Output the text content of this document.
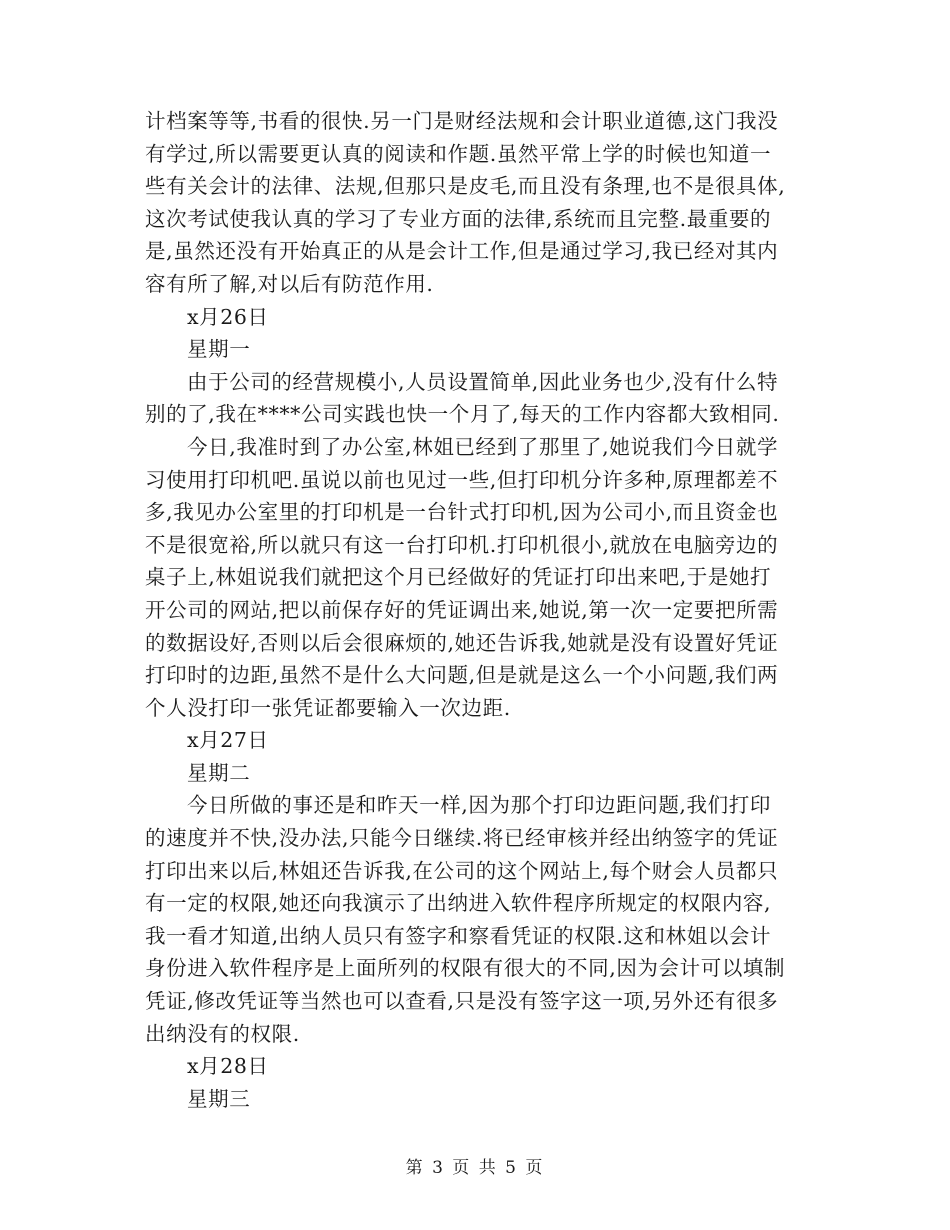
计档案等等,书看的很快.另一门是财经法规和会计职业道德,这门我没
有学过,所以需要更认真的阅读和作题.虽然平常上学的时候也知道一
些有关会计的法律、法规,但那只是皮毛,而且没有条理,也不是很具体,
这次考试使我认真的学习了专业方面的法律,系统而且完整.最重要的
是,虽然还没有开始真正的从是会计工作,但是通过学习,我已经对其内
容有所了解,对以后有防范作用.
x月26日
星期一
由于公司的经营规模小,人员设置简单,因此业务也少,没有什么特
别的了,我在****公司实践也快一个月了,每天的工作内容都大致相同.
今日,我准时到了办公室,林姐已经到了那里了,她说我们今日就学
习使用打印机吧.虽说以前也见过一些,但打印机分许多种,原理都差不
多,我见办公室里的打印机是一台针式打印机,因为公司小,而且资金也
不是很宽裕,所以就只有这一台打印机.打印机很小,就放在电脑旁边的
桌子上,林姐说我们就把这个月已经做好的凭证打印出来吧,于是她打
开公司的网站,把以前保存好的凭证调出来,她说,第一次一定要把所需
的数据设好,否则以后会很麻烦的,她还告诉我,她就是没有设置好凭证
打印时的边距,虽然不是什么大问题,但是就是这么一个小问题,我们两
个人没打印一张凭证都要输入一次边距.
x月27日
星期二
今日所做的事还是和昨天一样,因为那个打印边距问题,我们打印
的速度并不快,没办法,只能今日继续.将已经审核并经出纳签字的凭证
打印出来以后,林姐还告诉我,在公司的这个网站上,每个财会人员都只
有一定的权限,她还向我演示了出纳进入软件程序所规定的权限内容,
我一看才知道,出纳人员只有签字和察看凭证的权限.这和林姐以会计
身份进入软件程序是上面所列的权限有很大的不同,因为会计可以填制
凭证,修改凭证等当然也可以查看,只是没有签字这一项,另外还有很多
出纳没有的权限.
x月28日
星期三
第 3 页 共 5 页
